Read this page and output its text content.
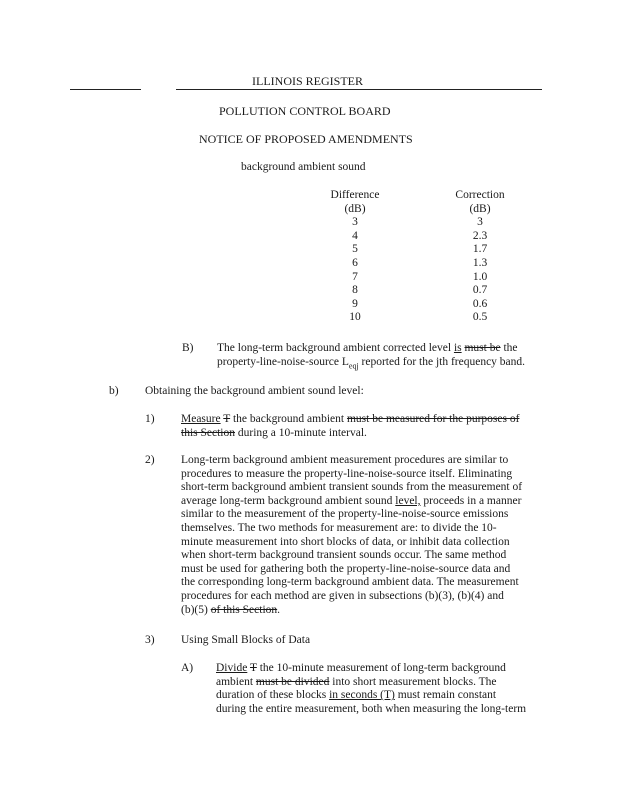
ILLINOIS REGISTER
POLLUTION CONTROL BOARD
NOTICE OF PROPOSED AMENDMENTS
background ambient sound
Difference
(dB)
3
4
5
6
7
8
9
10
Correction
(dB)
3
2.3
1.7
1.3
1.0
0.7
0.6
0.5
B) The long-term background ambient corrected level is must be the
property-line-noise-source $L_{eqj}$ reported for the jth frequency band.
b) Obtaining the background ambient sound level:
1) Measure T the background ambient must be measured for the purposes of
this Section during a 10-minute interval.
2) Long-term background ambient measurement procedures are similar to
procedures to measure the property-line-noise-source itself. Eliminating
short-term background ambient transient sounds from the measurement of
average long-term background ambient sound level, proceeds in a manner
similar to the measurement of the property-line-noise-source emissions
themselves. The two methods for measurement are: to divide the 10-
minute measurement into short blocks of data, or inhibit data collection
when short-term background transient sounds occur. The same method
must be used for gathering both the property-line-noise-source data and
the corresponding long-term background ambient data. The measurement
procedures for each method are given in subsections (b)(3), (b)(4) and
(b)(5) of this Section.
3) Using Small Blocks of Data
A) Divide T the 10-minute measurement of long-term background
ambient must be divided into short measurement blocks. The
duration of these blocks in seconds (T) must remain constant
during the entire measurement, both when measuring the long-term
